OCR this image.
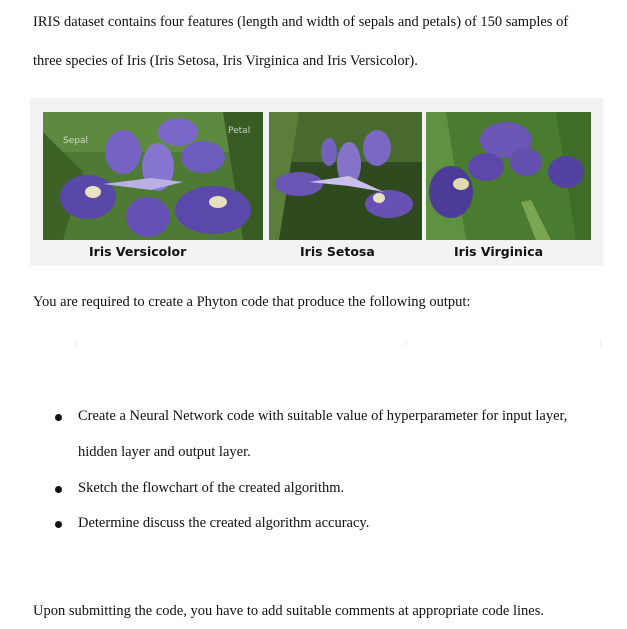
IRIS dataset contains four features (length and width of sepals and petals) of 150 samples of
three species of Iris (Iris Setosa, Iris Virginica and Iris Versicolor).
Sepal
Petal
Iris Versicolor	Iris Setosa	Iris Virginica
You are required to create a Phyton code that produce the following output:
Create a Neural Network code with suitable value of hyperparameter for input layer,
hidden layer and output layer.
Sketch the flowchart of the created algorithm.
Determine discuss the created algorithm accuracy.
Upon submitting the code, you have to add suitable comments at appropriate code lines.
